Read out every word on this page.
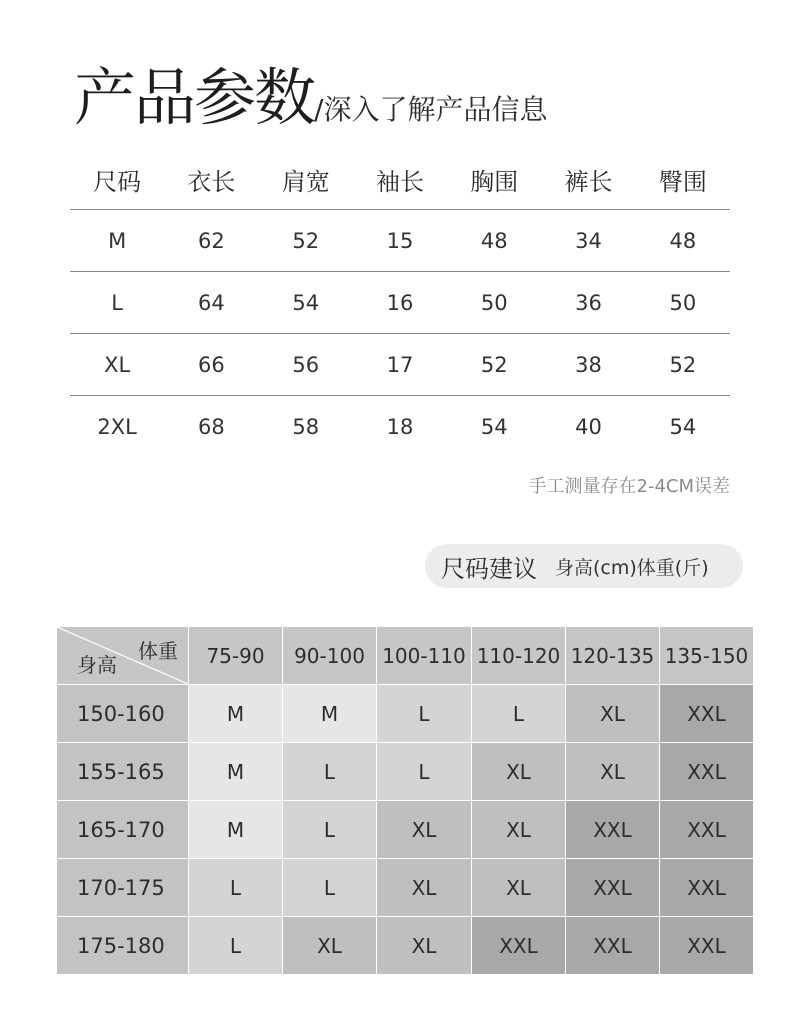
产品参数/深入了解产品信息
尺码	衣长	肩宽	袖长	胸围	裤长	臀围
M	62	52	15	48	34	48
L	64	54	16	50	36	50
XL	66	56	17	52	38	52
2XL	68	58	18	54	40	54
手工测量存在2-4CM误差
尺码建议 身高(cm)体重(斤)
体重
身高	75-90	90-100 100-110 110-120 120-135 135-150
150-160	M	M	L	L	XL	XXL
155-165	M	L	L	XL	XL	XXL
165-170	M	L	XL	XL	XXL	XXL
170-175	L	L	XL	XL	XXL	XXL
175-180	L	XL	XL	XXL	XXL	XXL
